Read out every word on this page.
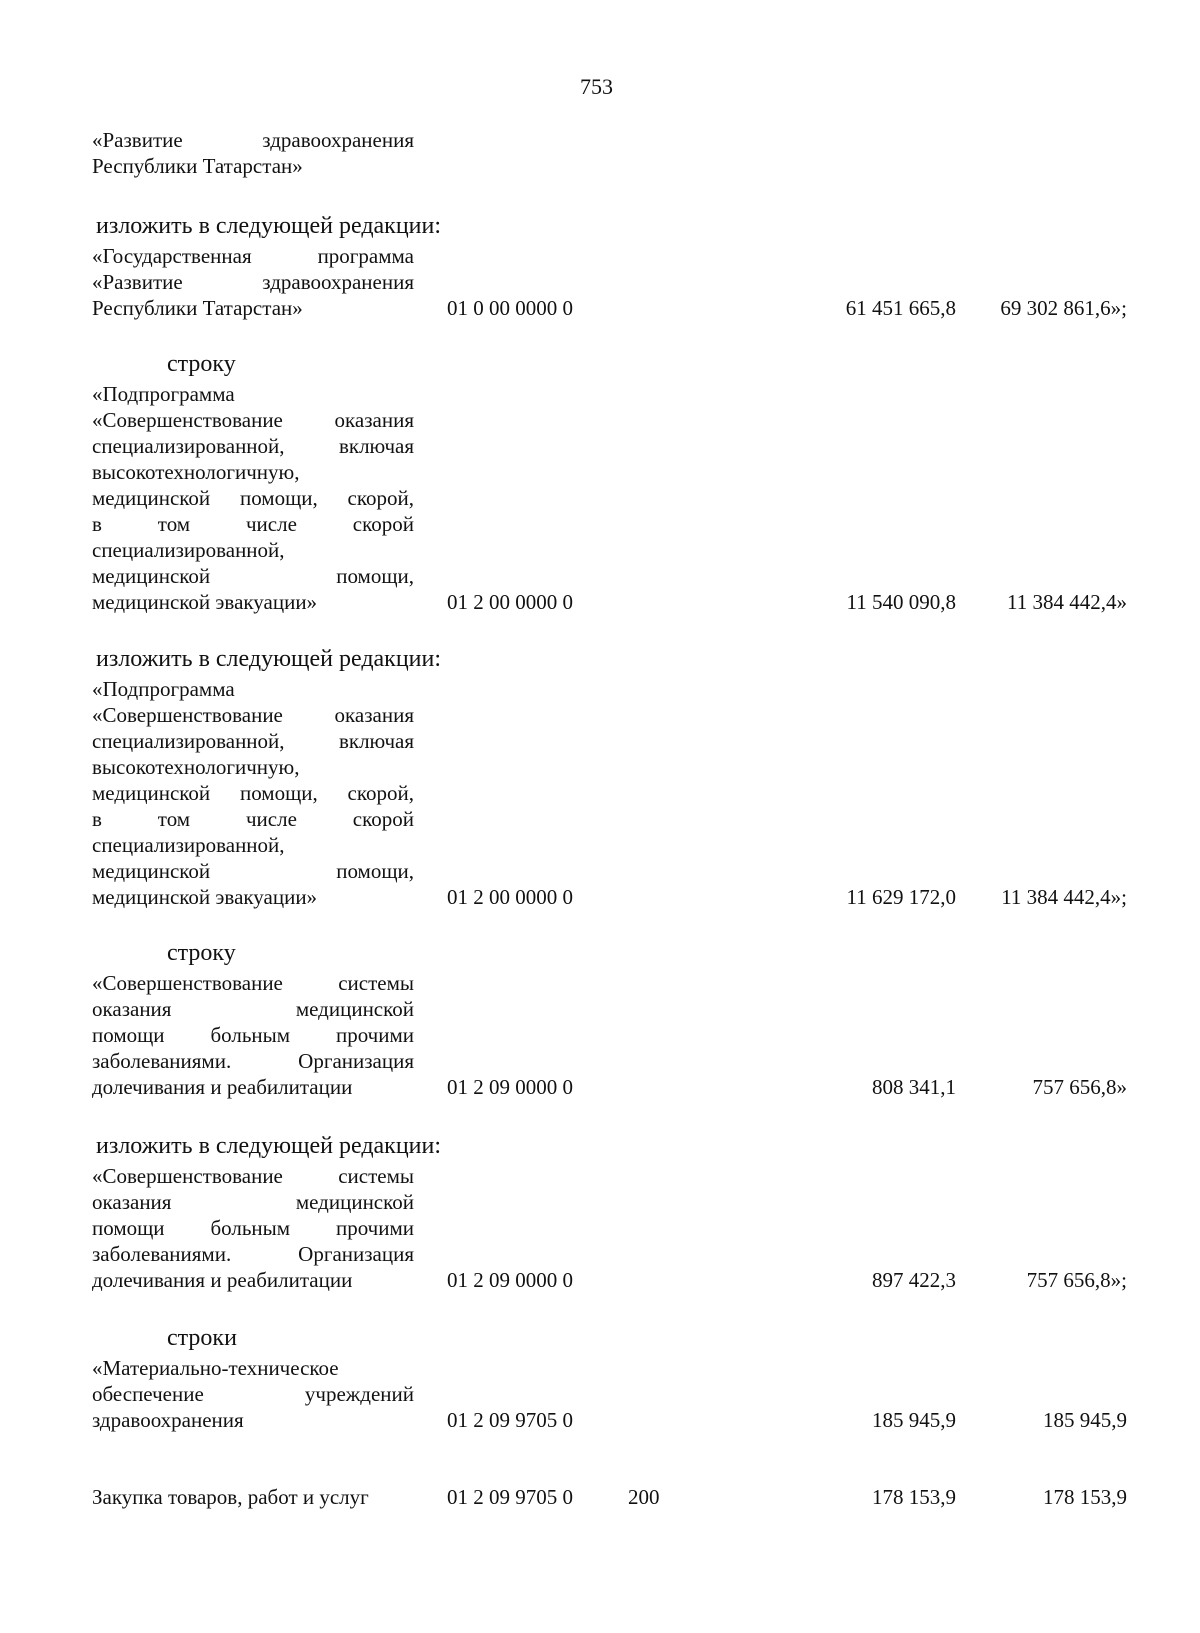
753
«Развитие здравоохранения
Республики Татарстан»
изложить в следующей редакции:
«Государственная программа
«Развитие здравоохранения
Республики Татарстан»	01 0 00 0000 0	61 451 665,8 69 302 861,6»;
строку
«Подпрограмма
«Совершенствование оказания
специализированной, включая
высокотехнологичную,
медицинской помощи, скорой,
в том числе скорой
специализированной,
медицинской помощи,
медицинской эвакуации»	01 2 00 0000 0	11 540 090,8 11 384 442,4»
изложить в следующей редакции:
«Подпрограмма
«Совершенствование оказания
специализированной, включая
высокотехнологичную,
медицинской помощи, скорой,
в том числе скорой
специализированной,
медицинской помощи,
медицинской эвакуации»	01 2 00 0000 0	11 629 172,0 11 384 442,4»;
строку
«Совершенствование системы
оказания медицинской
помощи больным прочими
заболеваниями. Организация
долечивания и реабилитации	01 2 09 0000 0	808 341,1	757 656,8»
изложить в следующей редакции:
«Совершенствование системы
оказания медицинской
помощи больным прочими
заболеваниями. Организация
долечивания и реабилитации	01 2 09 0000 0	897 422,3	757 656,8»;
строки
«Материально-техническое
обеспечение учреждений
здравоохранения	01 2 09 9705 0	185 945,9	185 945,9
Закупка товаров, работ и услуг	01 2 09 9705 0	200	178 153,9	178 153,9
